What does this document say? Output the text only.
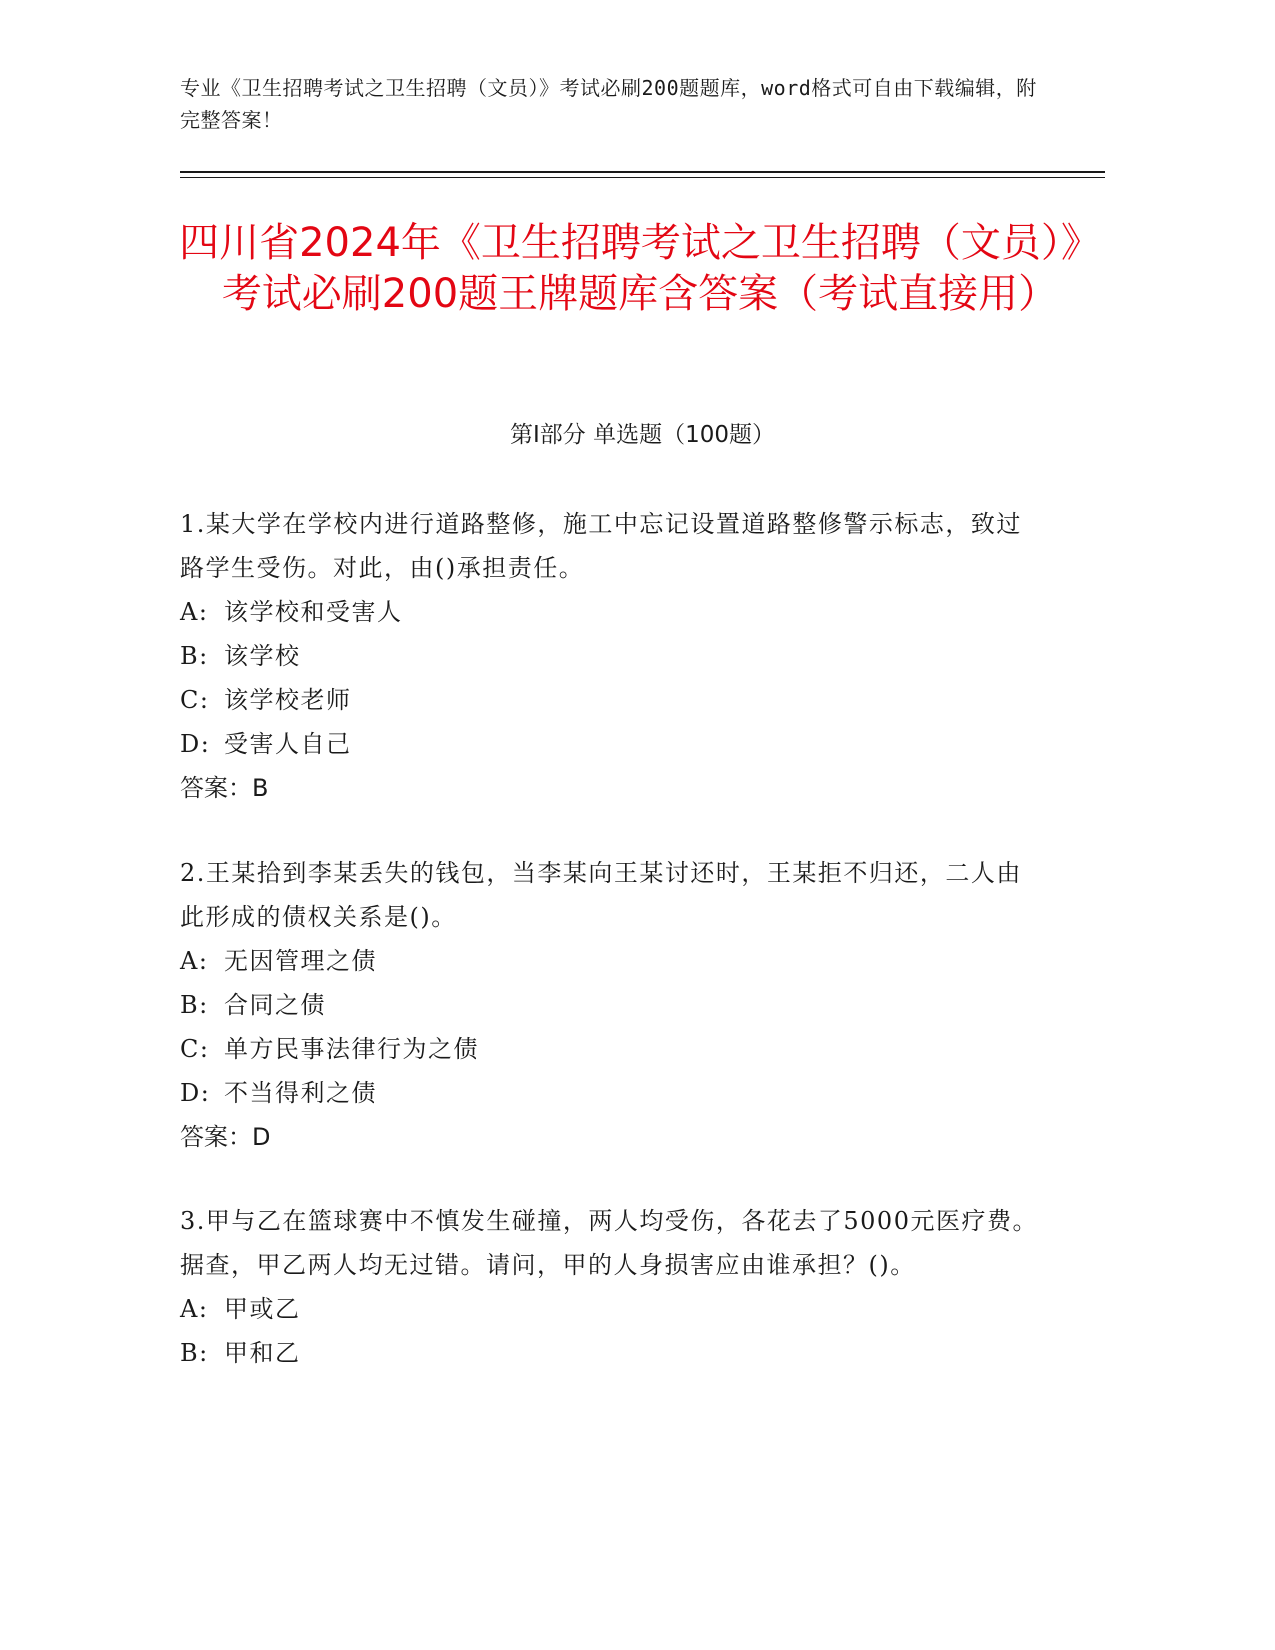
专业《卫生招聘考试之卫生招聘（文员）》考试必刷200题题库，word格式可自由下载编辑，附完整答案！
四川省2024年《卫生招聘考试之卫生招聘（文员）》考试必刷200题王牌题库含答案（考试直接用）
第Ⅰ部分 单选题（100题）

1.某大学在学校内进行道路整修，施工中忘记设置道路整修警示标志，致过路学生受伤。对此，由()承担责任。

A: 该学校和受害人

B: 该学校

C: 该学校老师

D: 受害人自己

答案：B

2.王某拾到李某丢失的钱包，当李某向王某讨还时，王某拒不归还，二人由此形成的债权关系是()。

A: 无因管理之债

B: 合同之债

C: 单方民事法律行为之债

D: 不当得利之债

答案：D

3.甲与乙在篮球赛中不慎发生碰撞，两人均受伤，各花去了5000元医疗费。据查，甲乙两人均无过错。请问，甲的人身损害应由谁承担？()。

A: 甲或乙

B: 甲和乙
